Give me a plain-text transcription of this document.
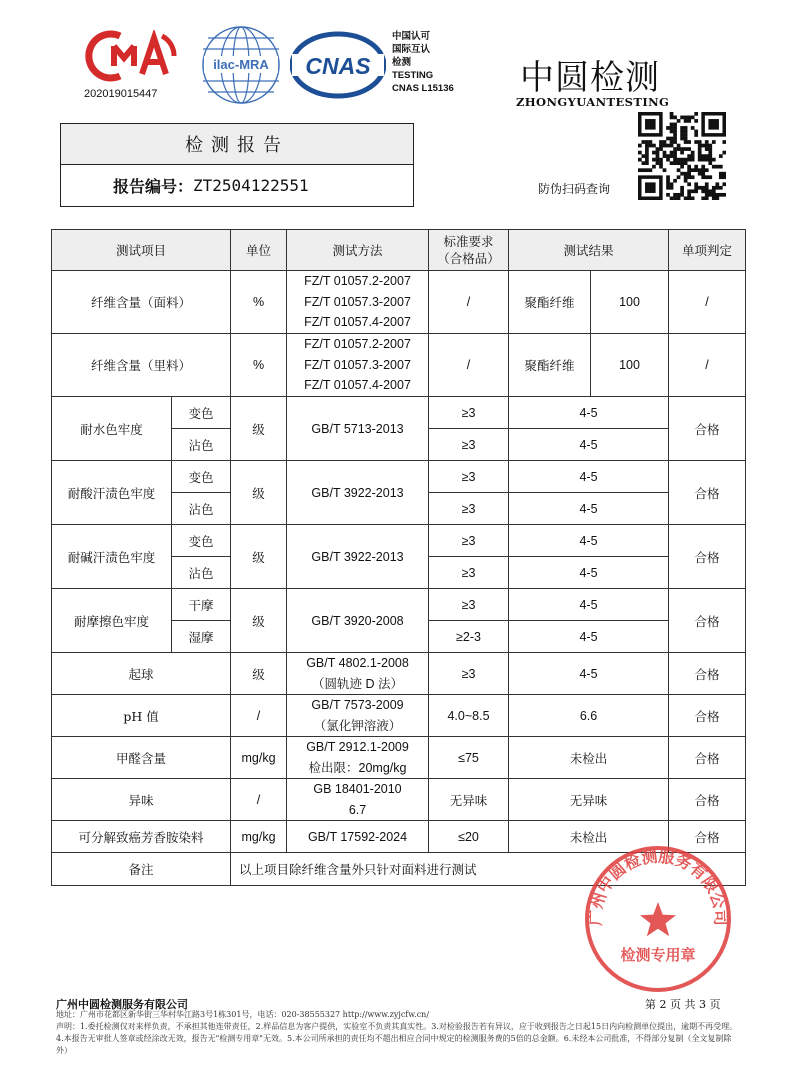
202019015447
ilac-MRA CNAS
中国认可
国际互认
检测
TESTING
CNAS L15136 中圆检测
ZHONGYUANTESTING
防伪扫码查询
检测报告
报告编号： ZT2504122551
测试项目		单位	测试方法	标准要求
（合格品）	测试结果		单项判定
纤维含量（面料）		%	FZ/T 01057.2-2007
FZ/T 01057.3-2007
FZ/T 01057.4-2007	/	聚酯纤维	100	/
纤维含量（里料）		%	FZ/T 01057.2-2007
FZ/T 01057.3-2007
FZ/T 01057.4-2007	/	聚酯纤维	100	/
耐水色牢度	变色	级	GB/T 5713-2013	≥3	4-5		合格
	沾色			≥3	4-5		
耐酸汗渍色牢度	变色	级	GB/T 3922-2013	≥3	4-5		合格
	沾色			≥3	4-5		
耐碱汗渍色牢度	变色	级	GB/T 3922-2013	≥3	4-5		合格
	沾色			≥3	4-5		
耐摩擦色牢度	干摩	级	GB/T 3920-2008	≥3	4-5		合格
	湿摩			≥2-3	4-5		
起球		级	GB/T 4802.1-2008
（圆轨迹 D 法）	≥3	4-5		合格
pH 值		/	GB/T 7573-2009
（氯化钾溶液）	4.0~8.5	6.6		合格
甲醛含量		mg/kg	GB/T 2912.1-2009
检出限：20mg/kg	≤75	未检出		合格
异味		/	GB 18401-2010
6.7	无异味	无异味		合格
可分解致癌芳香胺染料		mg/kg	GB/T 17592-2024	≤20	未检出		合格
备注		以上项目除纤维含量外只针对面料进行测试					
广州中圆检测服务有限公司
检测专用章
广州中圆检测服务有限公司	第 2 页 共 3 页
地址：广州市花都区新华街三华村华江路3号1栋301号，电话：020-38555327 http://www.zyjcfw.cn/
声明：1.委托检测仅对来样负责，不承担其他连带责任，2.样品信息为客户提供，实验室不负责其真实性。3.对检验报告若有异议，应于收到报告之日起15日内向检测单位提出，逾期不再受理。4.本报告无审批人签章或经涂改无效，报告无"检测专用章"无效。5.本公司所承担的责任均不超出相应合同中规定的检测服务费的5倍的总金额。6.未经本公司批准，不得部分复制（全文复制除外）
